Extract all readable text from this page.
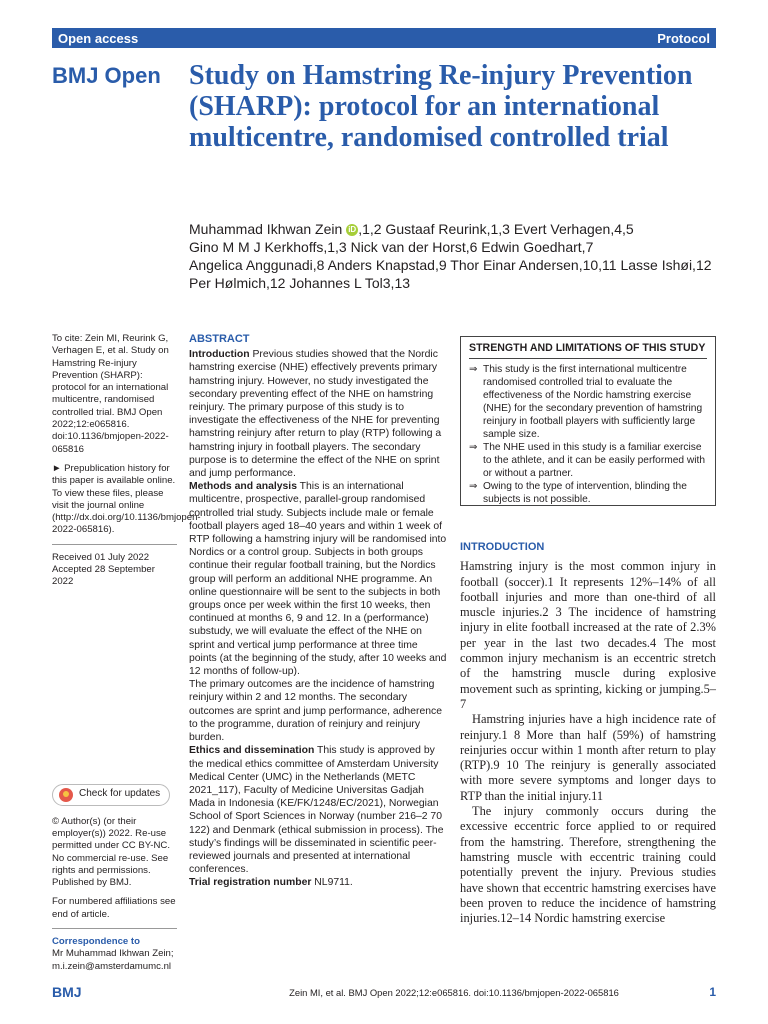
Open access	Protocol
BMJ Open Study on Hamstring Re-injury Prevention (SHARP): protocol for an international multicentre, randomised controlled trial
Muhammad Ikhwan Zein iD ,1,2 Gustaaf Reurink,1,3 Evert Verhagen,4,5
Gino M M J Kerkhoffs,1,3 Nick van der Horst,6 Edwin Goedhart,7
Angelica Anggunadi,8 Anders Knapstad,9 Thor Einar Andersen,10,11 Lasse Ishøi,12
Per Hølmich,12 Johannes L Tol3,13
To cite: Zein MI, Reurink G, Verhagen E, et al. Study on Hamstring Re-injury Prevention (SHARP): protocol for an international multicentre, randomised controlled trial. BMJ Open 2022;12:e065816. doi:10.1136/bmjopen-2022-065816
► Prepublication history for this paper is available online. To view these files, please visit the journal online (http://dx.doi.org/10.1136/bmjopen-2022-065816).
Received 01 July 2022
Accepted 28 September 2022
Check for updates
© Author(s) (or their employer(s)) 2022. Re-use permitted under CC BY-NC. No commercial re-use. See rights and permissions. Published by BMJ.
For numbered affiliations see end of article.
Correspondence to
Mr Muhammad Ikhwan Zein; m.i.zein@amsterdamumc.nl
ABSTRACT

Introduction Previous studies showed that the Nordic hamstring exercise (NHE) effectively prevents primary hamstring injury. However, no study investigated the secondary preventing effect of the NHE on hamstring reinjury. The primary purpose of this study is to investigate the effectiveness of the NHE for preventing hamstring reinjury after return to play (RTP) following a hamstring injury in football players. The secondary purpose is to determine the effect of the NHE on sprint and jump performance.

Methods and analysis This is an international multicentre, prospective, parallel-group randomised controlled trial study. Subjects include male or female football players aged 18–40 years and within 1 week of RTP following a hamstring injury will be randomised into Nordics or a control group. Subjects in both groups continue their regular football training, but the Nordics group will perform an additional NHE programme. An online questionnaire will be sent to the subjects in both groups once per week within the first 10 weeks, then continued at months 6, 9 and 12. In a (performance) substudy, we will evaluate the effect of the NHE on sprint and vertical jump performance at three time points (at the beginning of the study, after 10 weeks and 12 months of follow-up).

The primary outcomes are the incidence of hamstring reinjury within 2 and 12 months. The secondary outcomes are sprint and jump performance, adherence to the programme, duration of reinjury and reinjury burden.

Ethics and dissemination This study is approved by the medical ethics committee of Amsterdam University Medical Center (UMC) in the Netherlands (METC 2021_117), Faculty of Medicine Universitas Gadjah Mada in Indonesia (KE/FK/1248/EC/2021), Norwegian School of Sport Sciences in Norway (number 216–2 70 122) and Denmark (ethical submission in process). The study’s findings will be disseminated in scientific peer-reviewed journals and presented at international conferences.

Trial registration number NL9711.

STRENGTH AND LIMITATIONS OF THIS STUDY
⇒ This study is the first international multicentre randomised controlled trial to evaluate the effectiveness of the Nordic hamstring exercise (NHE) for the secondary prevention of hamstring reinjury in football players with sufficiently large sample size.
⇒ The NHE used in this study is a familiar exercise to the athlete, and it can be easily performed with or without a partner.
⇒ Owing to the type of intervention, blinding the subjects is not possible.
INTRODUCTION

Hamstring injury is the most common injury in football (soccer).1 It represents 12%–14% of all football injuries and more than one-third of all muscle injuries.2 3 The incidence of hamstring injury in elite football increased at the rate of 2.3% per year in the last two decades.4 The most common injury mechanism is an eccentric stretch of the hamstring muscle during explosive movement such as sprinting, kicking or jumping.5–7

Hamstring injuries have a high incidence rate of reinjury.1 8 More than half (59%) of hamstring reinjuries occur within 1 month after return to play (RTP).9 10 The reinjury is generally associated with more severe symptoms and longer days to RTP than the initial injury.11

The injury commonly occurs during the excessive eccentric force applied to or required from the hamstring. Therefore, strengthening the hamstring muscle with eccentric training could potentially prevent the injury. Previous studies have shown that eccentric hamstring exercises have been proven to reduce the incidence of hamstring injuries.12–14 Nordic hamstring exercise

BMJ	Zein MI, et al. BMJ Open 2022;12:e065816. doi:10.1136/bmjopen-2022-065816	1
